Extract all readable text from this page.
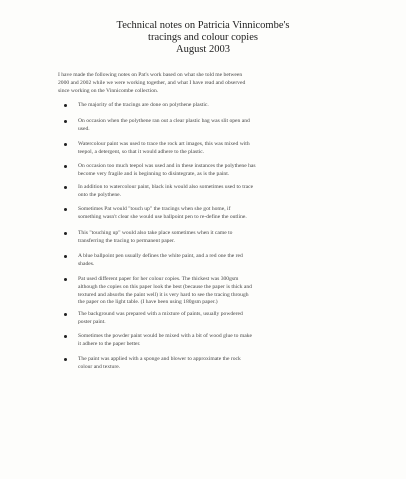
Technical notes on Patricia Vinnicombe's
tracings and colour copies
August 2003
I have made the following notes on Pat's work based on what she told me between
2000 and 2002 while we were working together, and what I have read and observed
since working on the Vinnicombe collection.
The majority of the tracings are done on polythene plastic.
On occasion when the polythene ran out a clear plastic bag was slit open and
used.
Watercolour paint was used to trace the rock art images, this was mixed with
teepol, a detergent, so that it would adhere to the plastic.
On occasion too much teepol was used and in these instances the polythene has
become very fragile and is beginning to disintegrate, as is the paint.
In addition to watercolour paint, black ink would also sometimes used to trace
onto the polythene.
Sometimes Pat would "touch up" the tracings when she got home, if
something wasn't clear she would use ballpoint pen to re-define the outline.
This "touching up" would also take place sometimes when it came to
transferring the tracing to permanent paper.
A blue ballpoint pen usually defines the white paint, and a red one the red
shades.
Pat used different paper for her colour copies. The thickest was 300gsm
although the copies on this paper look the best (because the paper is thick and
textured and absorbs the paint well) it is very hard to see the tracing through
the paper on the light table. (I have been using 180gsm paper.)
The background was prepared with a mixture of paints, usually powdered
poster paint.
Sometimes the powder paint would be mixed with a bit of wood glue to make
it adhere to the paper better.
The paint was applied with a sponge and blower to approximate the rock
colour and texture.
